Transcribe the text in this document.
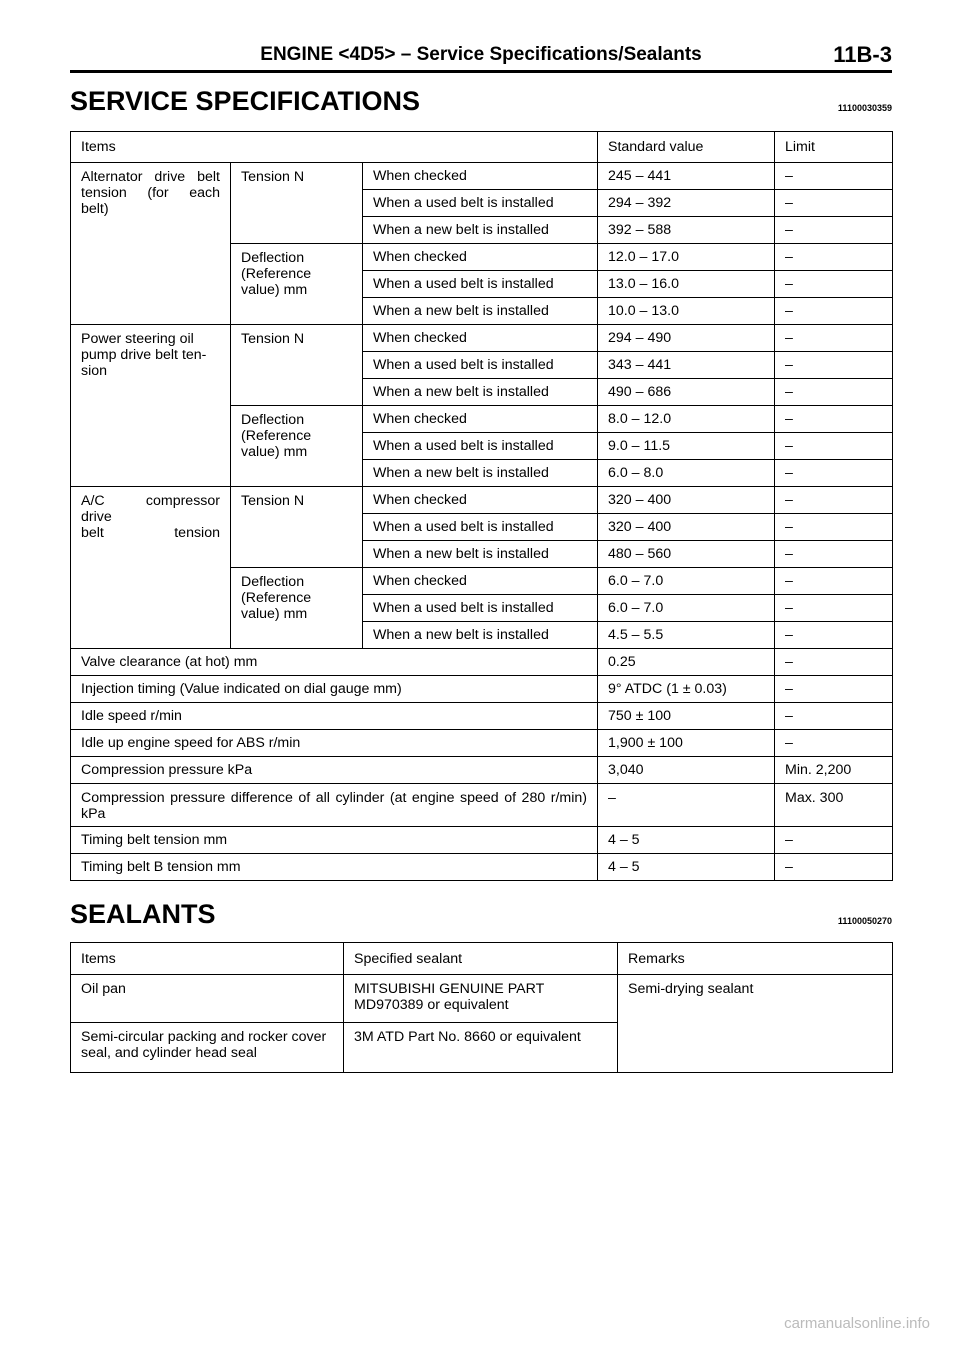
ENGINE <4D5> – Service Specifications/Sealants	11B-3
SERVICE SPECIFICATIONS	11100030359
Items			Standard value	Limit

Alternator drive belt
tension (for each
belt)	Tension N	When checked	245 – 441	–
		When a used belt is installed	294 – 392	–
		When a new belt is installed	392 – 588	–

	Deflection
(Reference
value) mm	When checked	12.0 – 17.0	–
		When a used belt is installed	13.0 – 16.0	–
		When a new belt is installed	10.0 – 13.0	–

Power steering oil
pump drive belt ten-
sion	Tension N	When checked	294 – 490	–
		When a used belt is installed	343 – 441	–
		When a new belt is installed	490 – 686	–

	Deflection
(Reference
value) mm	When checked	8.0 – 12.0	–
		When a used belt is installed	9.0 – 11.5	–
		When a new belt is installed	6.0 – 8.0	–

A/C compressor
drive
belt tension	Tension N	When checked	320 – 400	–
		When a used belt is installed	320 – 400	–
		When a new belt is installed	480 – 560	–

	Deflection
(Reference
value) mm	When checked	6.0 – 7.0	–
		When a used belt is installed	6.0 – 7.0	–
		When a new belt is installed	4.5 – 5.5	–
Valve clearance (at hot) mm			0.25	–
Injection timing (Value indicated on dial gauge mm)			9° ATDC (1 ± 0.03)	–
Idle speed r/min			750 ± 100	–
Idle up engine speed for ABS r/min			1,900 ± 100	–
Compression pressure kPa			3,040	Min. 2,200
Compression pressure difference of all cylinder (at engine speed of 280 r/min) kPa			–	Max. 300
Timing belt tension mm			4 – 5	–
Timing belt B tension mm			4 – 5	–
SEALANTS	11100050270
Items	Specified sealant	Remarks
Oil pan	MITSUBISHI GENUINE PART MD970389 or equivalent	Semi-drying sealant
Semi-circular packing and rocker cover seal, and cylinder head seal	3M ATD Part No. 8660 or equivalent	
carmanualsonline.info
